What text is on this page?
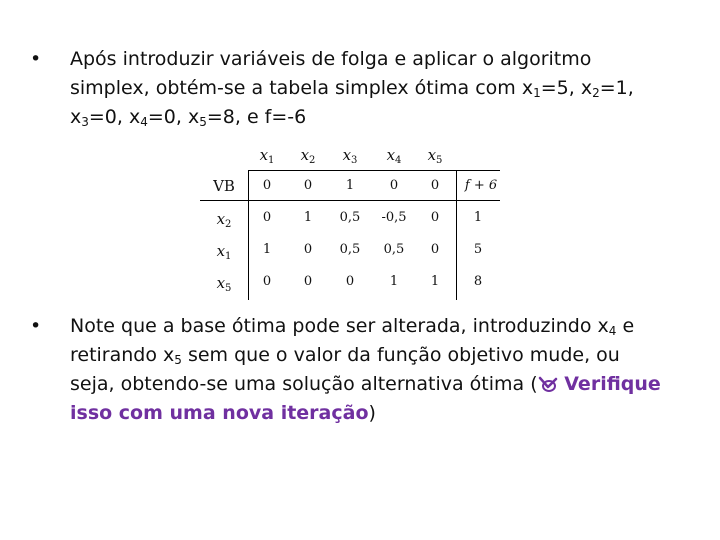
•	Após introduzir variáveis de folga e aplicar o algoritmo
simplex, obtém-se a tabela simplex ótima com $x_1=5$, $x_2=1$,
$x_3=0$, $x_4=0$, $x_5=8$, e f=-6
$x_1$ $x_2$ $x_3$ $x_4$ $x_5$
VB 0	0	1	0	0 f + 6
$x_2$ 0	1 0,5 -0,5 0	1
$x_1$ 1	0 0,5 0,5 0	5
$x_5$ 0	0	0	1	1	8
•	Note que a base ótima pode ser alterada, introduzindo $x_4$ e
retirando $x_5$ sem que o valor da função objetivo mude, ou
seja, obtendo-se uma solução alternativa ótima ( Verifique
isso com uma nova iteração)
